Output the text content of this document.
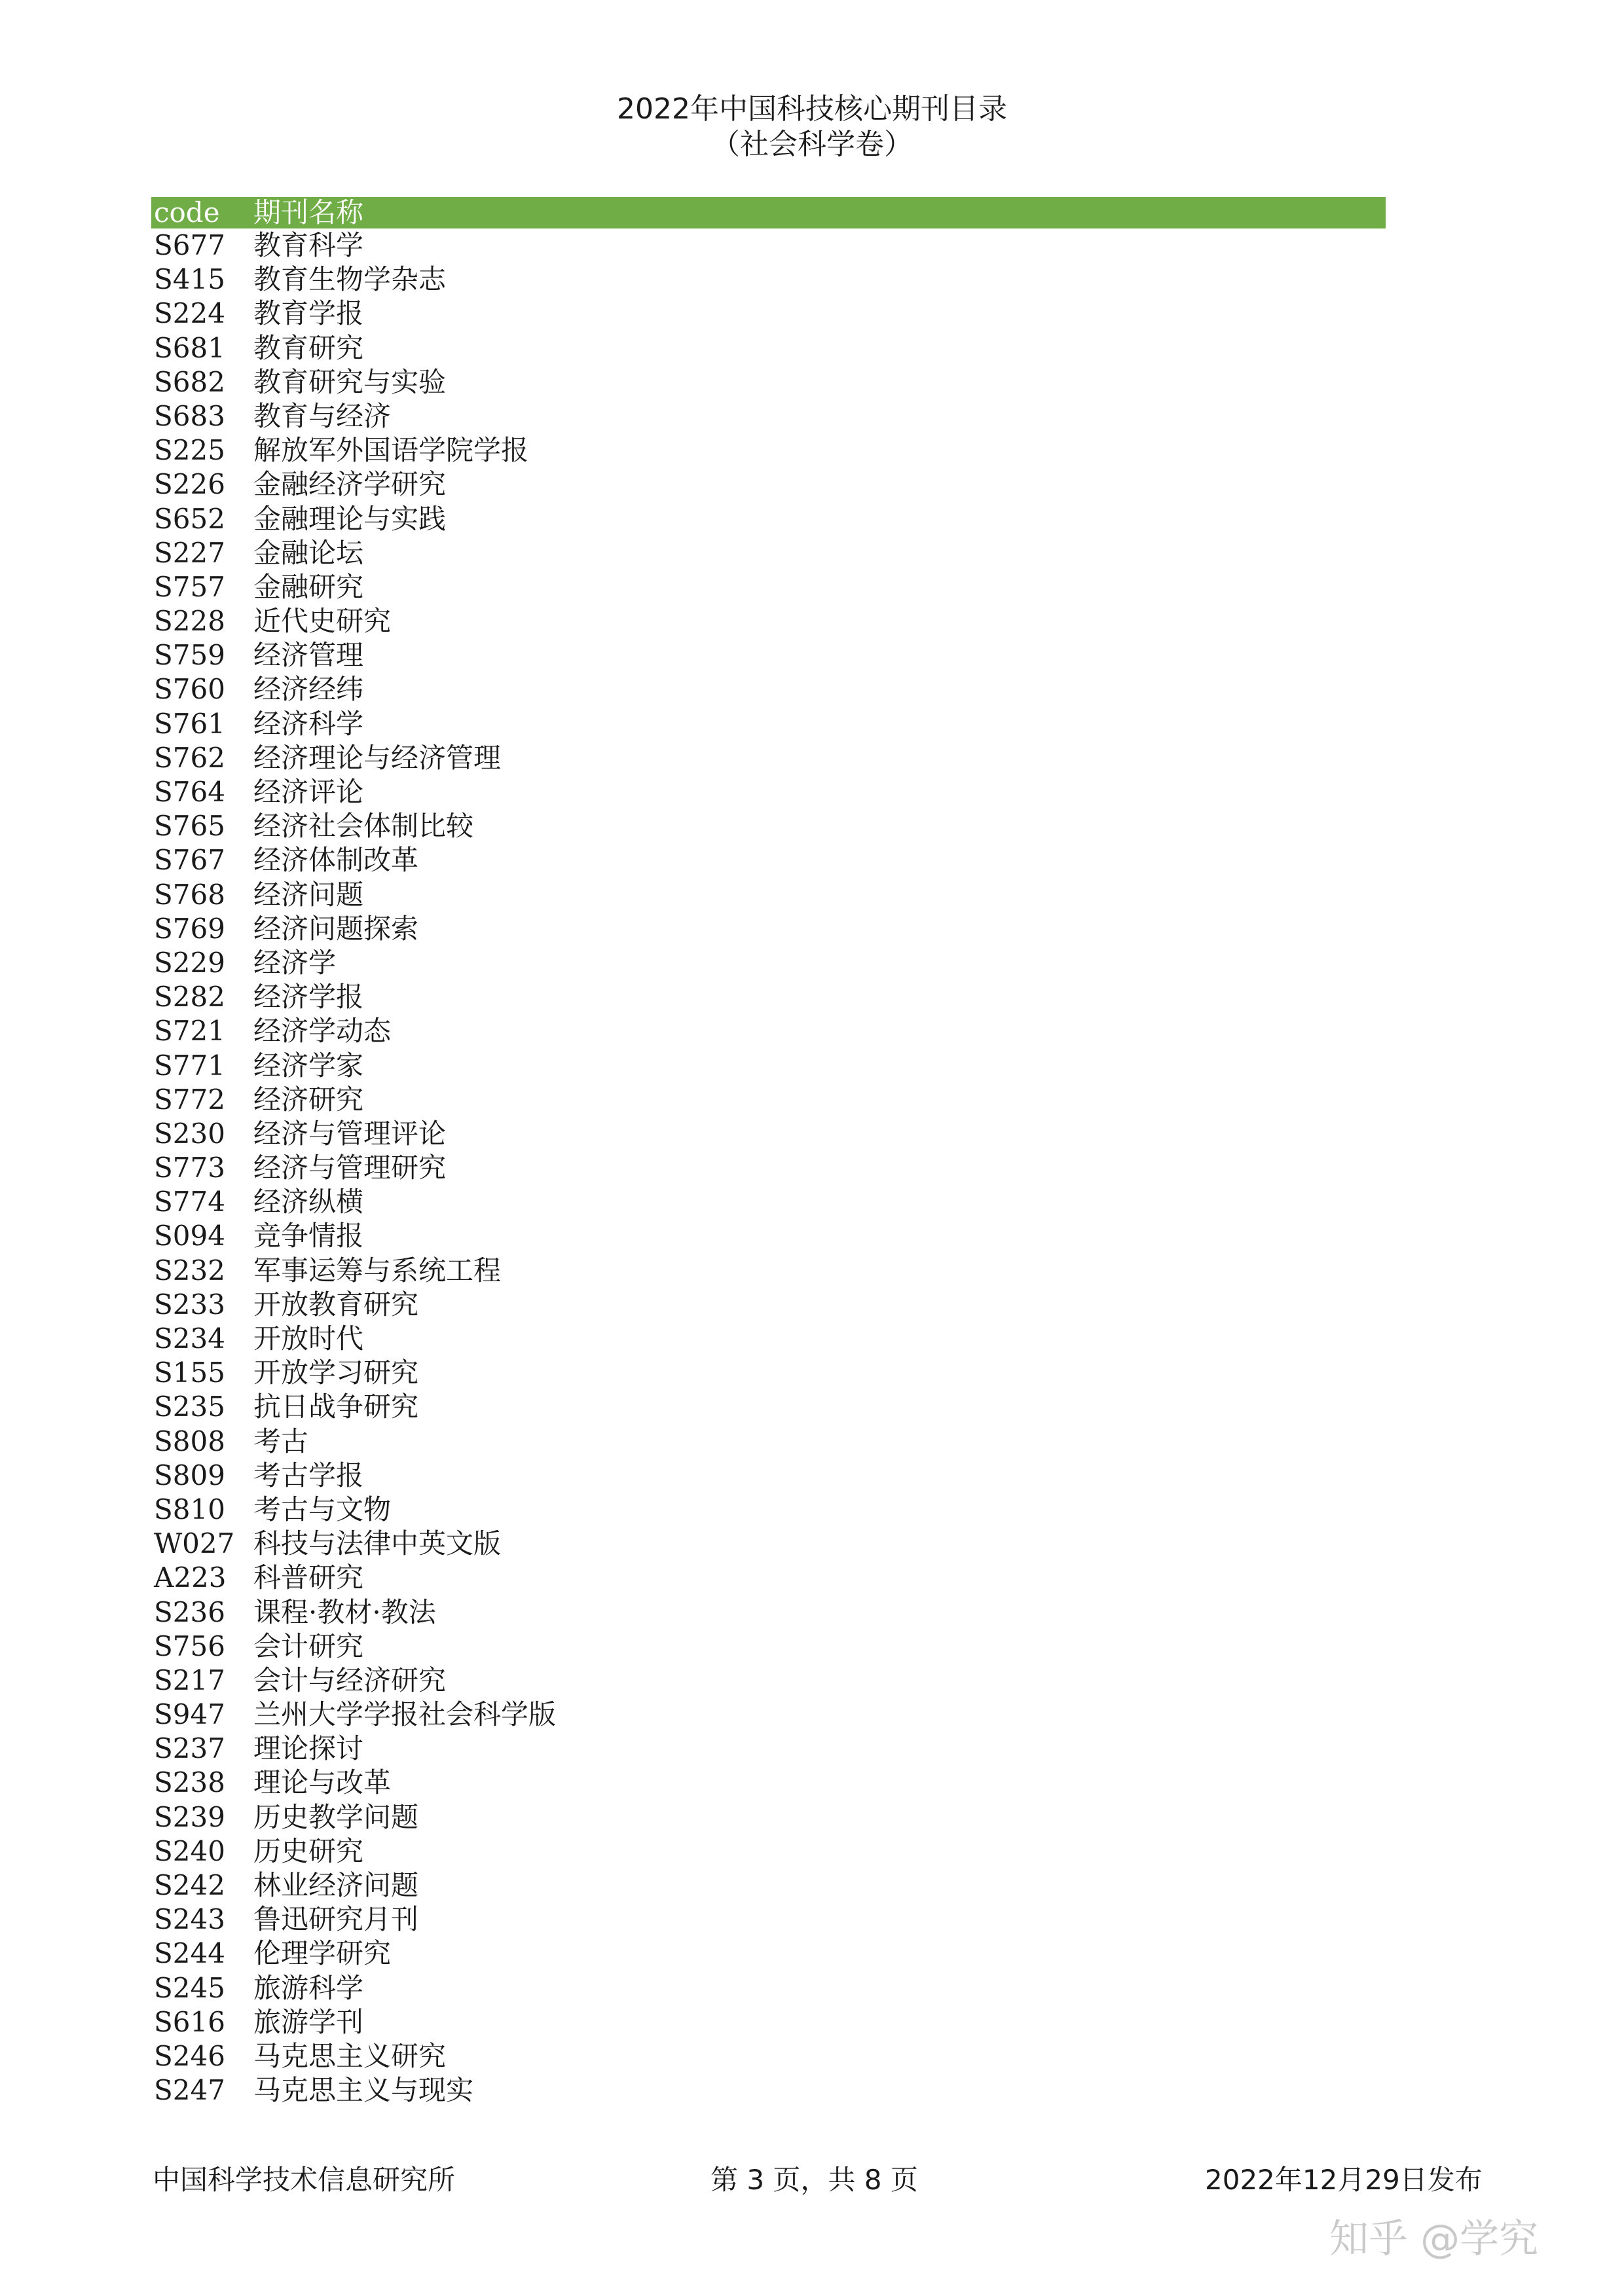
2022年中国科技核心期刊目录
（社会科学卷）
code	期刊名称
S677	教育科学
S415	教育生物学杂志
S224	教育学报
S681	教育研究
S682	教育研究与实验
S683	教育与经济
S225	解放军外国语学院学报
S226	金融经济学研究
S652	金融理论与实践
S227	金融论坛
S757	金融研究
S228	近代史研究
S759	经济管理
S760	经济经纬
S761	经济科学
S762	经济理论与经济管理
S764	经济评论
S765	经济社会体制比较
S767	经济体制改革
S768	经济问题
S769	经济问题探索
S229	经济学
S282	经济学报
S721	经济学动态
S771	经济学家
S772	经济研究
S230	经济与管理评论
S773	经济与管理研究
S774	经济纵横
S094	竞争情报
S232	军事运筹与系统工程
S233	开放教育研究
S234	开放时代
S155	开放学习研究
S235	抗日战争研究
S808	考古
S809	考古学报
S810	考古与文物
W027 科技与法律中英文版
A223 科普研究
S236	课程·教材·教法
S756	会计研究
S217	会计与经济研究
S947	兰州大学学报社会科学版
S237	理论探讨
S238	理论与改革
S239	历史教学问题
S240	历史研究
S242	林业经济问题
S243	鲁迅研究月刊
S244	伦理学研究
S245	旅游科学
S616	旅游学刊
S246	马克思主义研究
S247	马克思主义与现实
中国科学技术信息研究所	第 3 页，共 8 页	2022年12月29日发布
知乎 @学究
